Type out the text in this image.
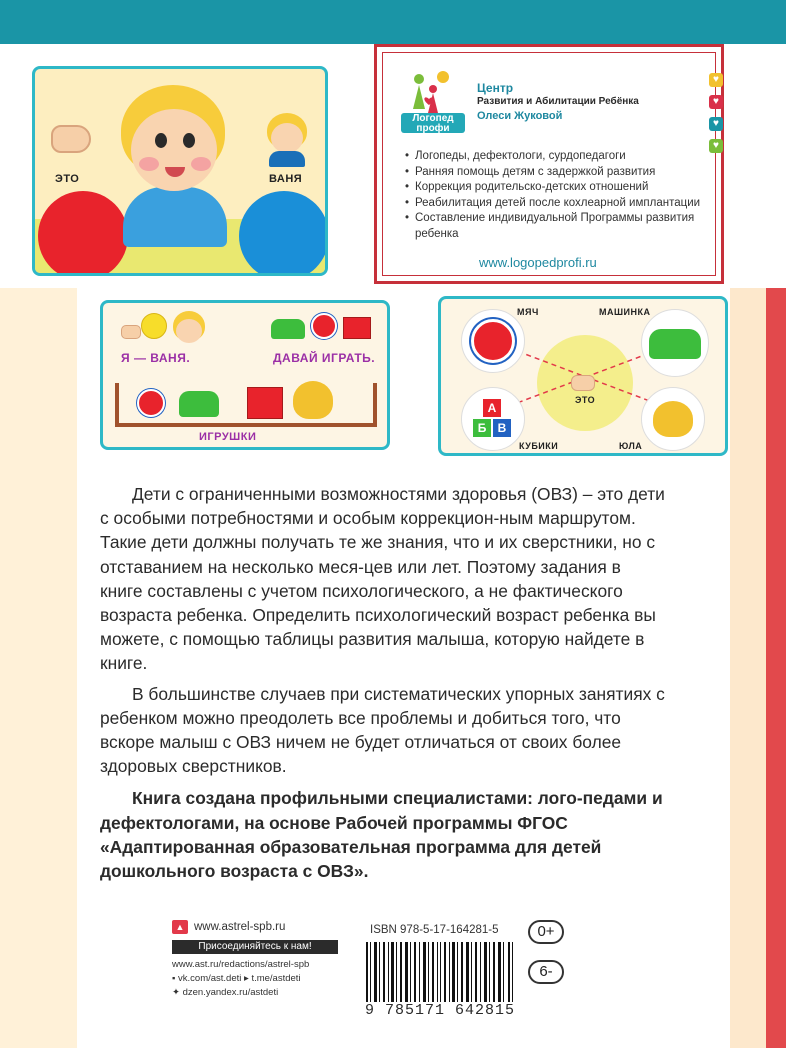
ЭТО	ВАНЯ
Логопед профи
Центр
Развития и Абилитации Ребёнка
Олеси Жуковой
♥
♥
♥
♥
• Логопеды, дефектологи, сурдопедагоги
• Ранняя помощь детям с задержкой развития
• Коррекция родительско-детских отношений
• Реабилитация детей после кохлеарной имплантации
• Составление индивидуальной Программы развития ребенка
www.logopedprofi.ru
Я — ВАНЯ.	ДАВАЙ ИГРАТЬ.
ИГРУШКИ
МЯЧ	МАШИНКА
ЭТО
А
Б В
КУБИКИ	ЮЛА

Дети с ограниченными возможностями здоровья (ОВЗ) – это дети с особыми потребностями и особым коррекцион-ным маршрутом. Такие дети должны получать те же знания, что и их сверстники, но с отставанием на несколько меся-цев или лет. Поэтому задания в книге составлены с учетом психологического, а не фактического возраста ребенка. Определить психологический возраст ребенка вы можете, с помощью таблицы развития малыша, которую найдете в книге.

В большинстве случаев при систематических упорных занятиях с ребенком можно преодолеть все проблемы и добиться того, что вскоре малыш с ОВЗ ничем не будет отличаться от своих более здоровых сверстников.

Книга создана профильными специалистами: лого-педами и дефектологами, на основе Рабочей программы ФГОС «Адаптированная образовательная программа для детей дошкольного возраста с ОВЗ».

▲ www.astrel-spb.ru
Присоединяйтесь к нам!
www.ast.ru/redactions/astrel-spb
▪ vk.com/ast.deti ▸ t.me/astdeti
✦ dzen.yandex.ru/astdeti
ISBN 978-5-17-164281-5
9 785171 642815
0+
6-
